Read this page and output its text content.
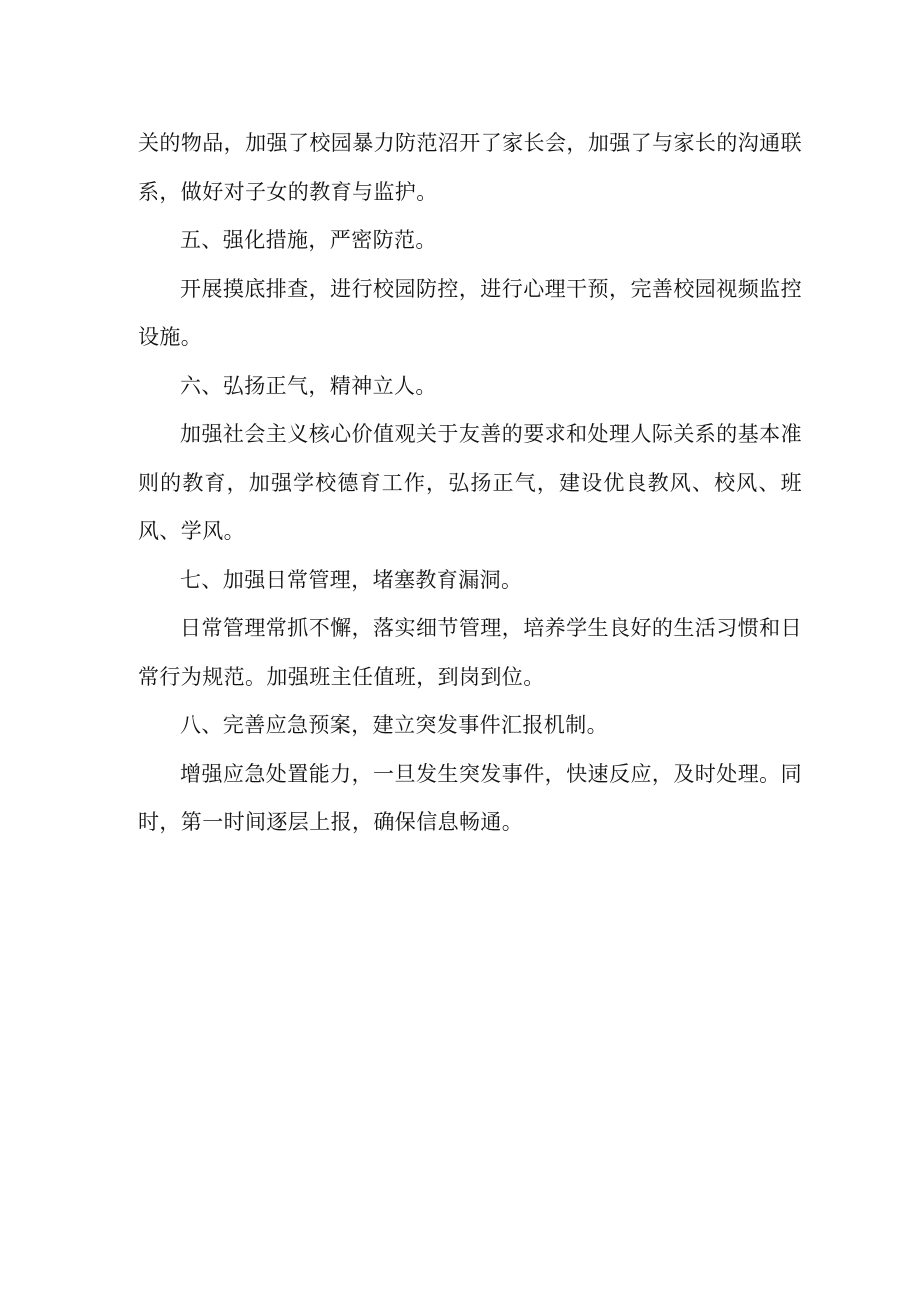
关的物品，加强了校园暴力防范沼开了家长会，加强了与家长的沟通联系，做好对子女的教育与监护。

五、强化措施，严密防范。

开展摸底排查，进行校园防控，进行心理干预，完善校园视频监控设施。

六、弘扬正气，精神立人。

加强社会主义核心价值观关于友善的要求和处理人际关系的基本准则的教育，加强学校德育工作，弘扬正气，建设优良教风、校风、班风、学风。

七、加强日常管理，堵塞教育漏洞。

日常管理常抓不懈，落实细节管理，培养学生良好的生活习惯和日常行为规范。加强班主任值班，到岗到位。

八、完善应急预案，建立突发事件汇报机制。

增强应急处置能力，一旦发生突发事件，快速反应，及时处理。同时，第一时间逐层上报，确保信息畅通。
